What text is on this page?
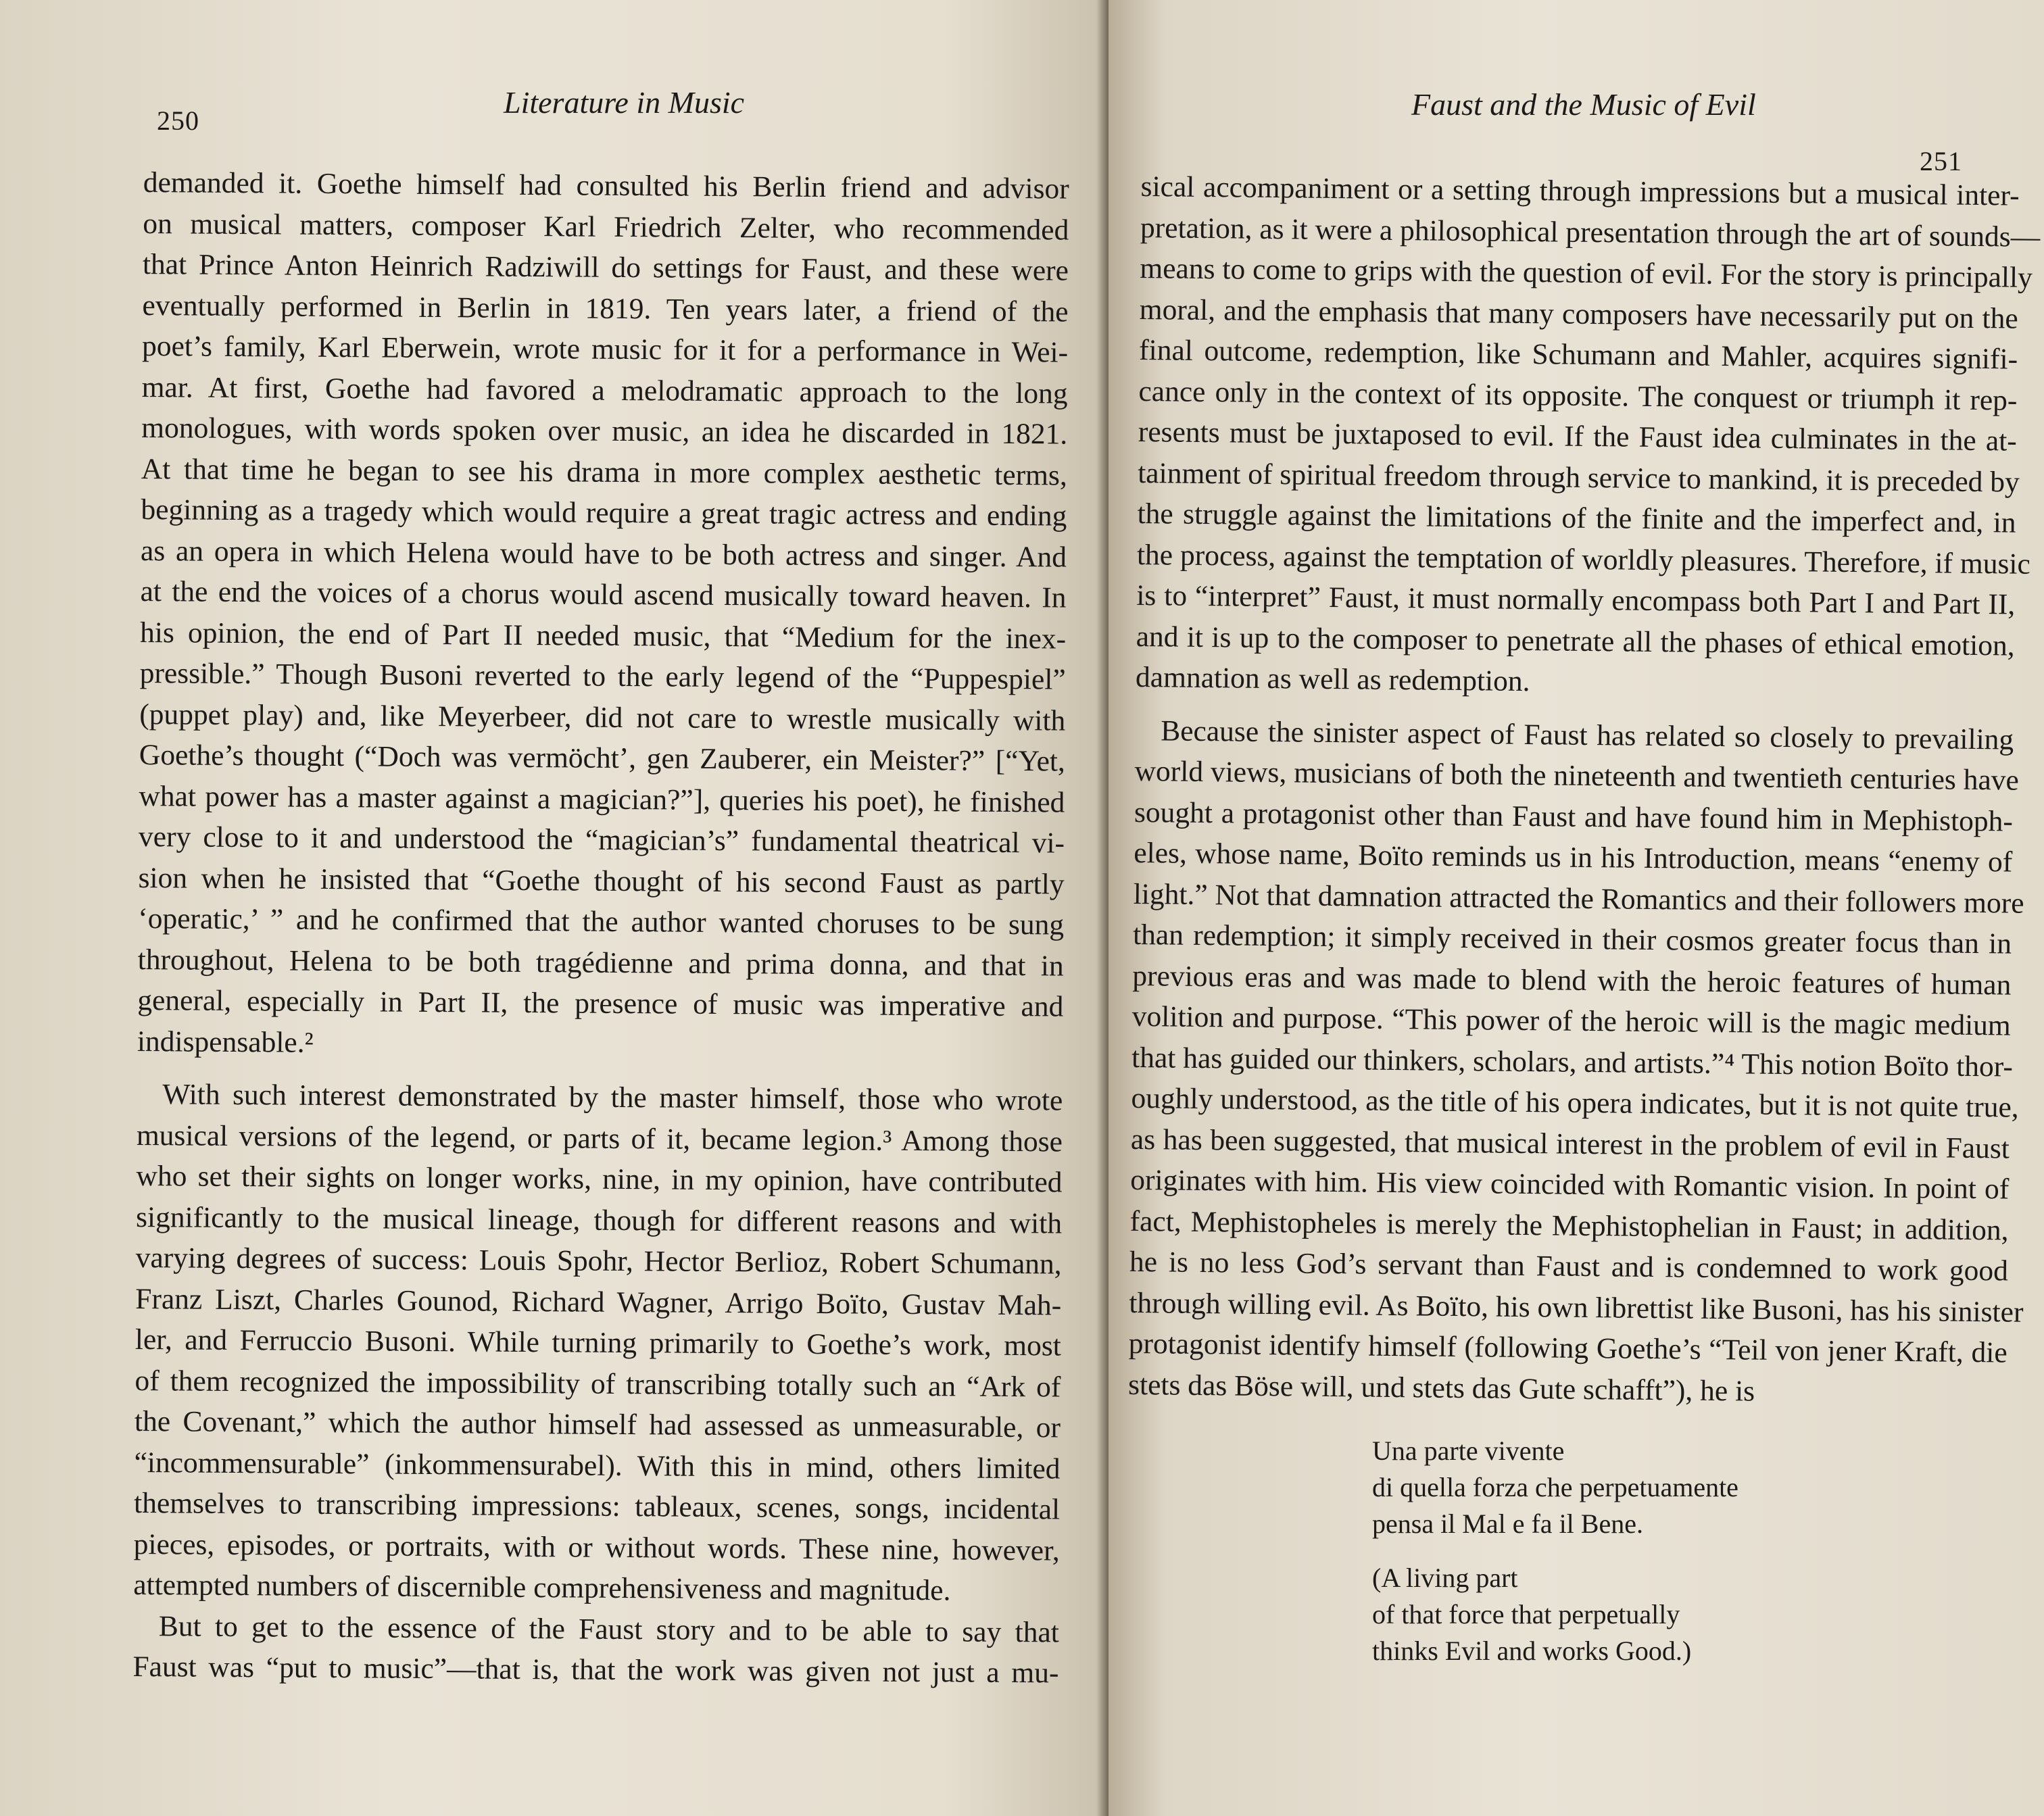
250
Literature in Music
demanded it. Goethe himself had consulted his Berlin friend and advisor
on musical matters, composer Karl Friedrich Zelter, who recommended
that Prince Anton Heinrich Radziwill do settings for Faust, and these were
eventually performed in Berlin in 1819. Ten years later, a friend of the
poet’s family, Karl Eberwein, wrote music for it for a performance in Wei-
mar. At first, Goethe had favored a melodramatic approach to the long
monologues, with words spoken over music, an idea he discarded in 1821.
At that time he began to see his drama in more complex aesthetic terms,
beginning as a tragedy which would require a great tragic actress and ending
as an opera in which Helena would have to be both actress and singer. And
at the end the voices of a chorus would ascend musically toward heaven. In
his opinion, the end of Part II needed music, that “Medium for the inex-
pressible.” Though Busoni reverted to the early legend of the “Puppespiel”
(puppet play) and, like Meyerbeer, did not care to wrestle musically with
Goethe’s thought (“Doch was vermöcht’, gen Zauberer, ein Meister?” [“Yet,
what power has a master against a magician?”], queries his poet), he finished
very close to it and understood the “magician’s” fundamental theatrical vi-
sion when he insisted that “Goethe thought of his second Faust as partly
‘operatic,’ ” and he confirmed that the author wanted choruses to be sung
throughout, Helena to be both tragédienne and prima donna, and that in
general, especially in Part II, the presence of music was imperative and
indispensable.²
With such interest demonstrated by the master himself, those who wrote
musical versions of the legend, or parts of it, became legion.³ Among those
who set their sights on longer works, nine, in my opinion, have contributed
significantly to the musical lineage, though for different reasons and with
varying degrees of success: Louis Spohr, Hector Berlioz, Robert Schumann,
Franz Liszt, Charles Gounod, Richard Wagner, Arrigo Boïto, Gustav Mah-
ler, and Ferruccio Busoni. While turning primarily to Goethe’s work, most
of them recognized the impossibility of transcribing totally such an “Ark of
the Covenant,” which the author himself had assessed as unmeasurable, or
“incommensurable” (inkommensurabel). With this in mind, others limited
themselves to transcribing impressions: tableaux, scenes, songs, incidental
pieces, episodes, or portraits, with or without words. These nine, however,
attempted numbers of discernible comprehensiveness and magnitude.
But to get to the essence of the Faust story and to be able to say that
Faust was “put to music”—that is, that the work was given not just a mu-
Faust and the Music of Evil
251
sical accompaniment or a setting through impressions but a musical inter-
pretation, as it were a philosophical presentation through the art of sounds—
means to come to grips with the question of evil. For the story is principally
moral, and the emphasis that many composers have necessarily put on the
final outcome, redemption, like Schumann and Mahler, acquires signifi-
cance only in the context of its opposite. The conquest or triumph it rep-
resents must be juxtaposed to evil. If the Faust idea culminates in the at-
tainment of spiritual freedom through service to mankind, it is preceded by
the struggle against the limitations of the finite and the imperfect and, in
the process, against the temptation of worldly pleasures. Therefore, if music
is to “interpret” Faust, it must normally encompass both Part I and Part II,
and it is up to the composer to penetrate all the phases of ethical emotion,
damnation as well as redemption.
Because the sinister aspect of Faust has related so closely to prevailing
world views, musicians of both the nineteenth and twentieth centuries have
sought a protagonist other than Faust and have found him in Mephistoph-
eles, whose name, Boïto reminds us in his Introduction, means “enemy of
light.” Not that damnation attracted the Romantics and their followers more
than redemption; it simply received in their cosmos greater focus than in
previous eras and was made to blend with the heroic features of human
volition and purpose. “This power of the heroic will is the magic medium
that has guided our thinkers, scholars, and artists.”⁴ This notion Boïto thor-
oughly understood, as the title of his opera indicates, but it is not quite true,
as has been suggested, that musical interest in the problem of evil in Faust
originates with him. His view coincided with Romantic vision. In point of
fact, Mephistopheles is merely the Mephistophelian in Faust; in addition,
he is no less God’s servant than Faust and is condemned to work good
through willing evil. As Boïto, his own librettist like Busoni, has his sinister
protagonist identify himself (following Goethe’s “Teil von jener Kraft, die
stets das Böse will, und stets das Gute schafft”), he is
Una parte vivente
di quella forza che perpetuamente
pensa il Mal e fa il Bene.
(A living part
of that force that perpetually
thinks Evil and works Good.)
